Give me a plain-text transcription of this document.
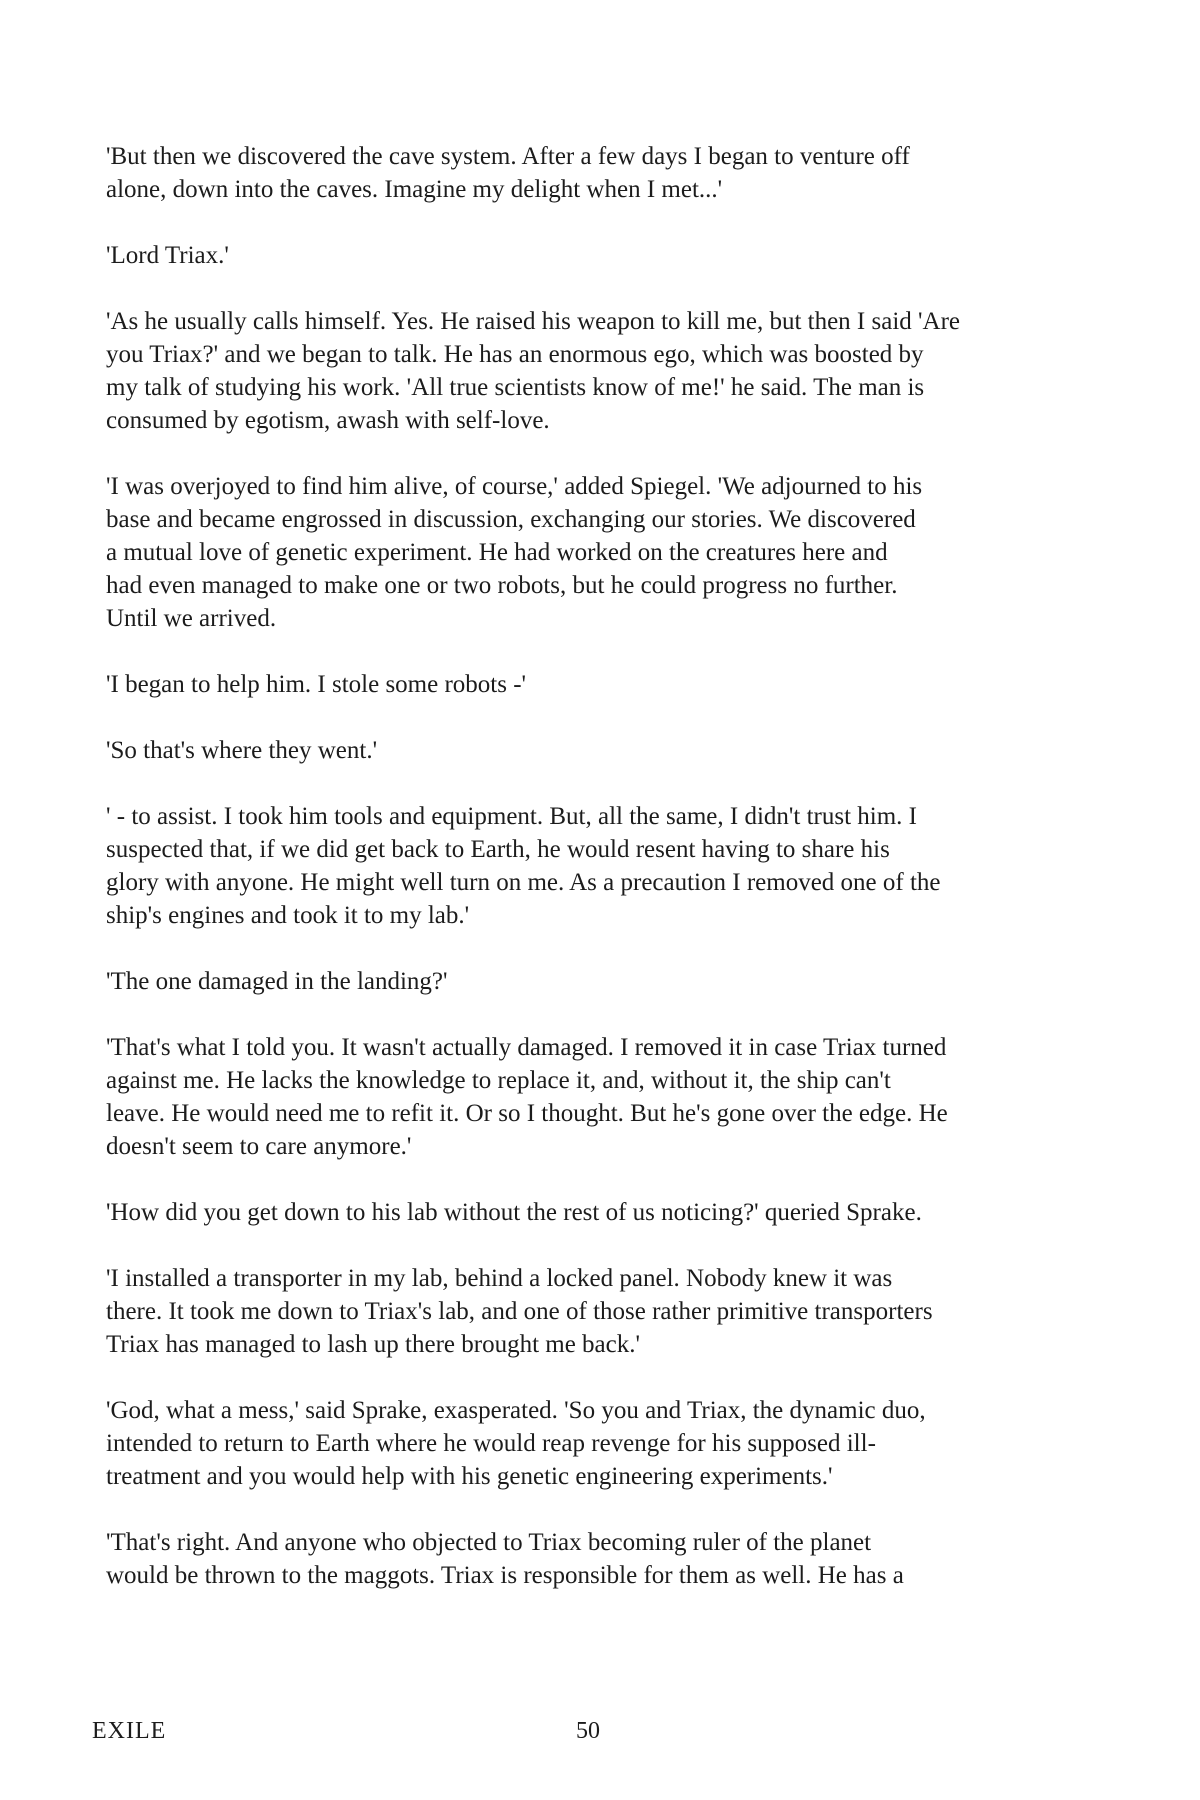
'But then we discovered the cave system. After a few days I began to venture off
alone, down into the caves. Imagine my delight when I met...'

'Lord Triax.'

'As he usually calls himself. Yes. He raised his weapon to kill me, but then I said 'Are
you Triax?' and we began to talk. He has an enormous ego, which was boosted by
my talk of studying his work. 'All true scientists know of me!' he said. The man is
consumed by egotism, awash with self-love.

'I was overjoyed to find him alive, of course,' added Spiegel. 'We adjourned to his
base and became engrossed in discussion, exchanging our stories. We discovered
a mutual love of genetic experiment. He had worked on the creatures here and
had even managed to make one or two robots, but he could progress no further.
Until we arrived.

'I began to help him. I stole some robots -'

'So that's where they went.'

' - to assist. I took him tools and equipment. But, all the same, I didn't trust him. I
suspected that, if we did get back to Earth, he would resent having to share his
glory with anyone. He might well turn on me. As a precaution I removed one of the
ship's engines and took it to my lab.'

'The one damaged in the landing?'

'That's what I told you. It wasn't actually damaged. I removed it in case Triax turned
against me. He lacks the knowledge to replace it, and, without it, the ship can't
leave. He would need me to refit it. Or so I thought. But he's gone over the edge. He
doesn't seem to care anymore.'

'How did you get down to his lab without the rest of us noticing?' queried Sprake.

'I installed a transporter in my lab, behind a locked panel. Nobody knew it was
there. It took me down to Triax's lab, and one of those rather primitive transporters
Triax has managed to lash up there brought me back.'

'God, what a mess,' said Sprake, exasperated. 'So you and Triax, the dynamic duo,
intended to return to Earth where he would reap revenge for his supposed ill-
treatment and you would help with his genetic engineering experiments.'

'That's right. And anyone who objected to Triax becoming ruler of the planet
would be thrown to the maggots. Triax is responsible for them as well. He has a

EXILE	50
